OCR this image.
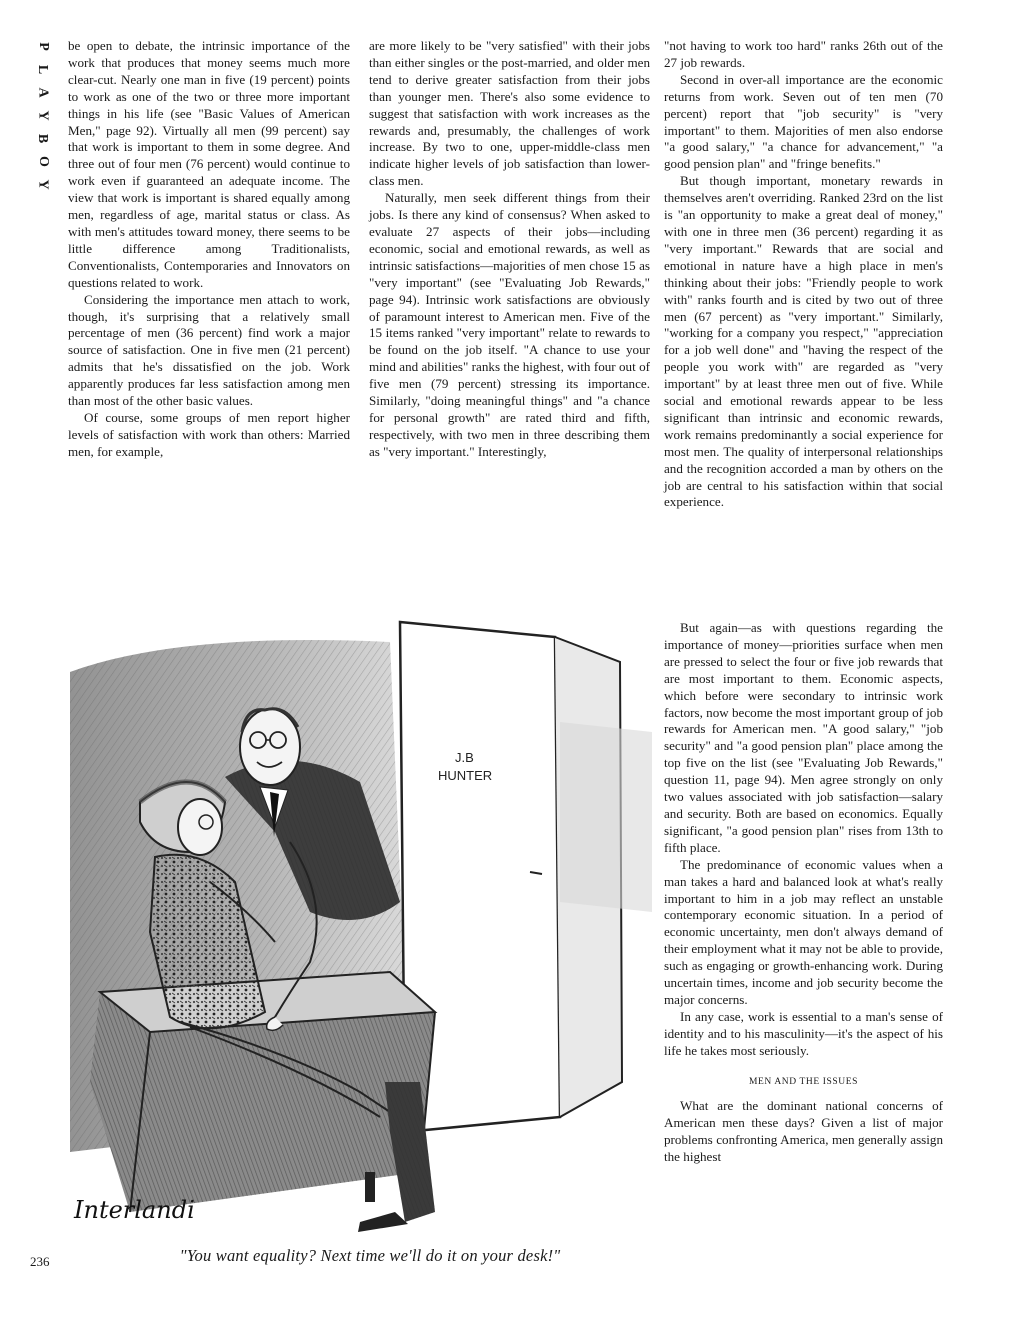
P
L
A
Y
B
O
Y

be open to debate, the intrinsic importance of the work that produces that money seems much more clear-cut. Nearly one man in five (19 percent) points to work as one of the two or three more important things in his life (see "Basic Values of American Men," page 92). Virtually all men (99 percent) say that work is important to them in some degree. And three out of four men (76 percent) would continue to work even if guaranteed an adequate income. The view that work is important is shared equally among men, regardless of age, marital status or class. As with men's attitudes toward money, there seems to be little difference among Traditionalists, Conventionalists, Contemporaries and Innovators on questions related to work.

Considering the importance men attach to work, though, it's surprising that a relatively small percentage of men (36 percent) find work a major source of satisfaction. One in five men (21 percent) admits that he's dissatisfied on the job. Work apparently produces far less satisfaction among men than most of the other basic values.

Of course, some groups of men report higher levels of satisfaction with work than others: Married men, for example,

are more likely to be "very satisfied" with their jobs than either singles or the post-married, and older men tend to derive greater satisfaction from their jobs than younger men. There's also some evidence to suggest that satisfaction with work increases as the rewards and, presumably, the challenges of work increase. By two to one, upper-middle-class men indicate higher levels of job satisfaction than lower-class men.

Naturally, men seek different things from their jobs. Is there any kind of consensus? When asked to evaluate 27 aspects of their jobs—including economic, social and emotional rewards, as well as intrinsic satisfactions—majorities of men chose 15 as "very important" (see "Evaluating Job Rewards," page 94). Intrinsic work satisfactions are obviously of paramount interest to American men. Five of the 15 items ranked "very important" relate to rewards to be found on the job itself. "A chance to use your mind and abilities" ranks the highest, with four out of five men (79 percent) stressing its importance. Similarly, "doing meaningful things" and "a chance for personal growth" are rated third and fifth, respectively, with two men in three describing them as "very important." Interestingly,

"not having to work too hard" ranks 26th out of the 27 job rewards.

Second in over-all importance are the economic returns from work. Seven out of ten men (70 percent) report that "job security" is "very important" to them. Majorities of men also endorse "a good salary," "a chance for advancement," "a good pension plan" and "fringe benefits."

But though important, monetary rewards in themselves aren't overriding. Ranked 23rd on the list is "an opportunity to make a great deal of money," with one in three men (36 percent) regarding it as "very important." Rewards that are social and emotional in nature have a high place in men's thinking about their jobs: "Friendly people to work with" ranks fourth and is cited by two out of three men (67 percent) as "very important." Similarly, "working for a company you respect," "appreciation for a job well done" and "having the respect of the people you work with" are regarded as "very important" by at least three men out of five. While social and emotional rewards appear to be less significant than intrinsic and economic rewards, work remains predominantly a social experience for most men. The quality of interpersonal relationships and the recognition accorded a man by others on the job are central to his satisfaction within that social experience.

But again—as with questions regarding the importance of money—priorities surface when men are pressed to select the four or five job rewards that are most important to them. Economic aspects, which before were secondary to intrinsic work factors, now become the most important group of job rewards for American men. "A good salary," "job security" and "a good pension plan" place among the top five on the list (see "Evaluating Job Rewards," question 11, page 94). Men agree strongly on only two values associated with job satisfaction—salary and security. Both are based on economics. Equally significant, "a good pension plan" rises from 13th to fifth place.

The predominance of economic values when a man takes a hard and balanced look at what's really important to him in a job may reflect an unstable contemporary economic situation. In a period of economic uncertainty, men don't always demand of their employment what it may not be able to provide, such as engaging or growth-enhancing work. During uncertain times, income and job security become the major concerns.

In any case, work is essential to a man's sense of identity and to his masculinity—it's the aspect of his life he takes most seriously.

MEN AND THE ISSUES

What are the dominant national concerns of American men these days? Given a list of major problems confronting America, men generally assign the highest

J.B
HUNTER
Interlandi
"You want equality? Next time we'll do it on your desk!"
236
